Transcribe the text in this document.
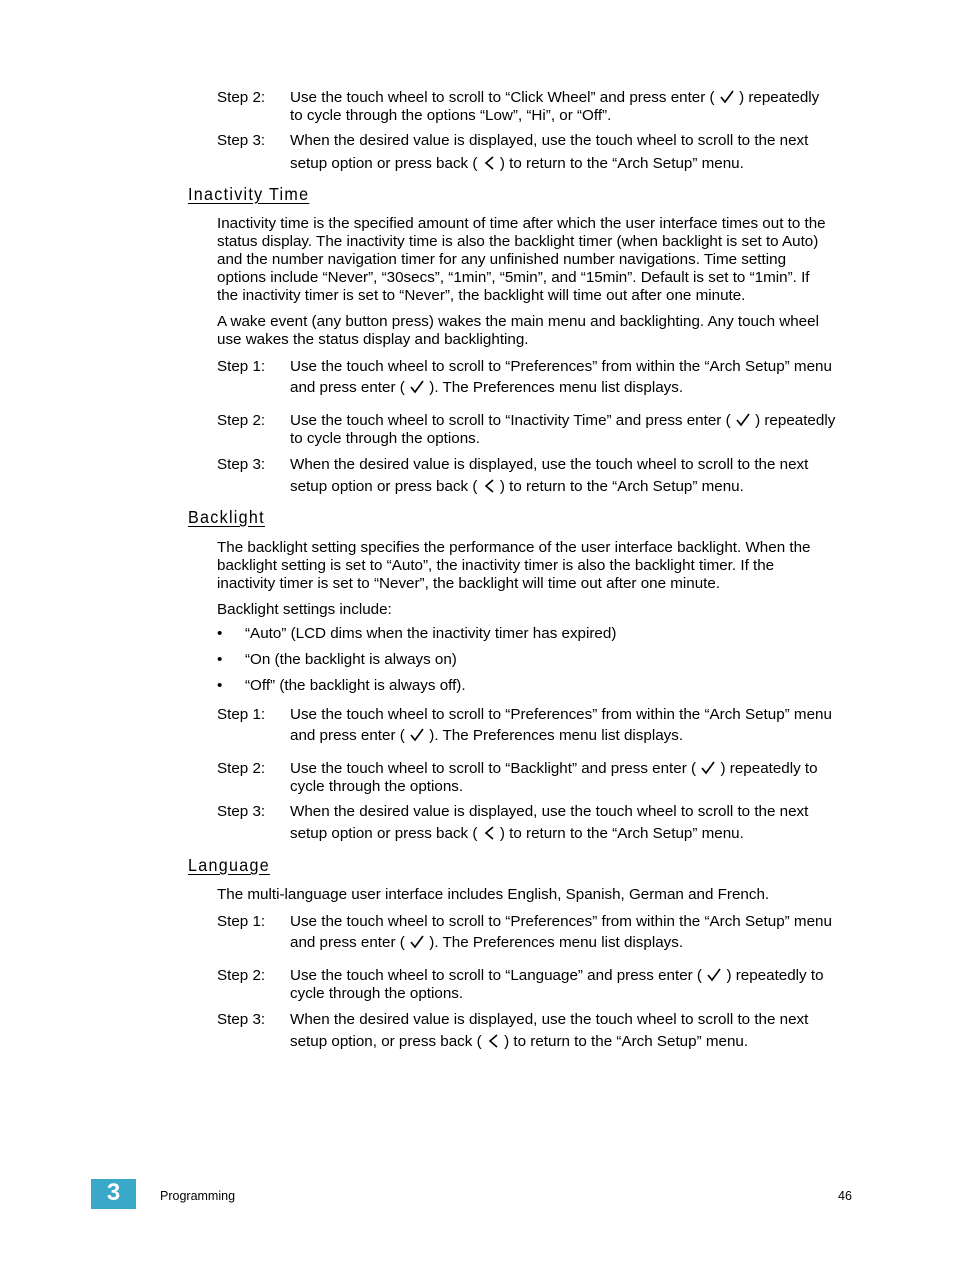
Step 2: Use the touch wheel to scroll to “Click Wheel” and press enter ( ) repeatedly
to cycle through the options “Low”, “Hi”, or “Off”.
Step 3: When the desired value is displayed, use the touch wheel to scroll to the next
setup option or press back ( ) to return to the “Arch Setup” menu.
Inactivity Time
Inactivity time is the specified amount of time after which the user interface times out to the
status display. The inactivity time is also the backlight timer (when backlight is set to Auto)
and the number navigation timer for any unfinished number navigations. Time setting
options include “Never”, “30secs”, “1min”, “5min”, and “15min”. Default is set to “1min”. If
the inactivity timer is set to “Never”, the backlight will time out after one minute.
A wake event (any button press) wakes the main menu and backlighting. Any touch wheel
use wakes the status display and backlighting.
Step 1: Use the touch wheel to scroll to “Preferences” from within the “Arch Setup” menu
and press enter ( ). The Preferences menu list displays.
Step 2: Use the touch wheel to scroll to “Inactivity Time” and press enter ( ) repeatedly
to cycle through the options.
Step 3: When the desired value is displayed, use the touch wheel to scroll to the next
setup option or press back ( ) to return to the “Arch Setup” menu.
Backlight
The backlight setting specifies the performance of the user interface backlight. When the
backlight setting is set to “Auto”, the inactivity timer is also the backlight timer. If the
inactivity timer is set to “Never”, the backlight will time out after one minute.
Backlight settings include:
• “Auto” (LCD dims when the inactivity timer has expired)
• “On (the backlight is always on)
• “Off” (the backlight is always off).
Step 1: Use the touch wheel to scroll to “Preferences” from within the “Arch Setup” menu
and press enter ( ). The Preferences menu list displays.
Step 2: Use the touch wheel to scroll to “Backlight” and press enter ( ) repeatedly to
cycle through the options.
Step 3: When the desired value is displayed, use the touch wheel to scroll to the next
setup option or press back ( ) to return to the “Arch Setup” menu.
Language
The multi-language user interface includes English, Spanish, German and French.
Step 1: Use the touch wheel to scroll to “Preferences” from within the “Arch Setup” menu
and press enter ( ). The Preferences menu list displays.
Step 2: Use the touch wheel to scroll to “Language” and press enter ( ) repeatedly to
cycle through the options.
Step 3: When the desired value is displayed, use the touch wheel to scroll to the next
setup option, or press back ( ) to return to the “Arch Setup” menu.
3	Programming	46
